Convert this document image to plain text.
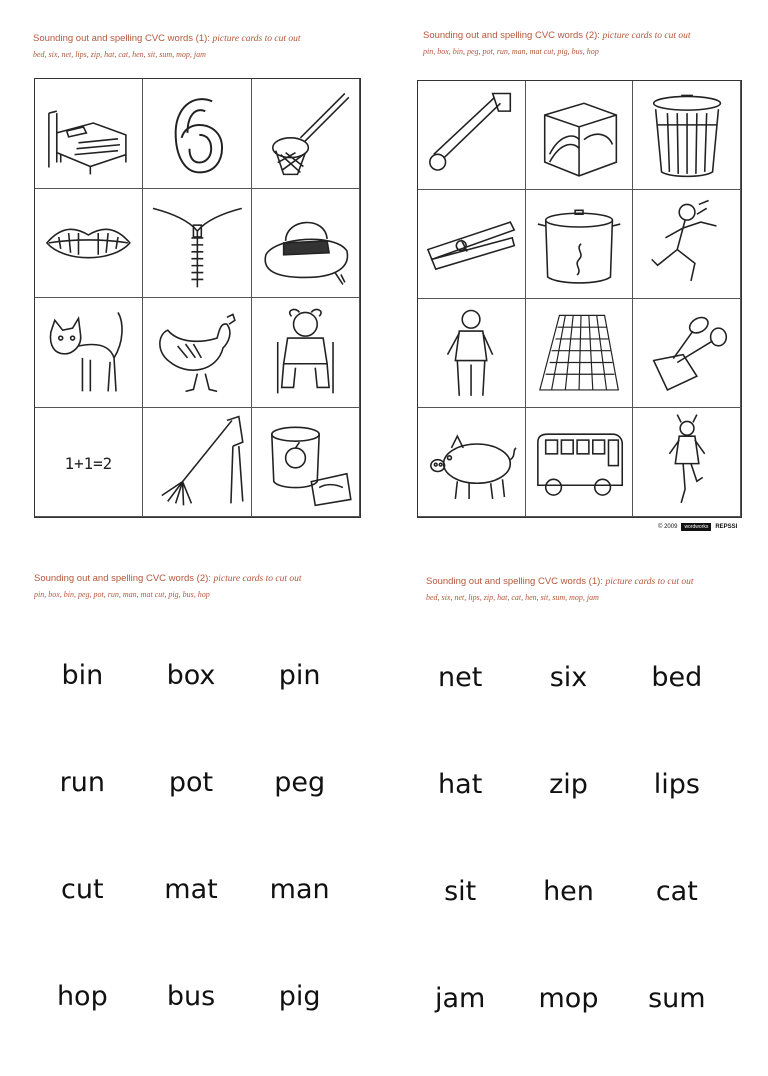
Sounding out and spelling CVC words (1): picture cards to cut out
bed, six, net, lips, zip, hat, cat, hen, sit, sum, mop, jam
1+1=2
Sounding out and spelling CVC words (2): picture cards to cut out
pin, box, bin, peg, pot, run, man, mat cut, pig, bus, hop
© 2009	wordworks	REPSSI
Sounding out and spelling CVC words (2): picture cards to cut out
pin, box, bin, peg, pot, run, man, mat cut, pig, bus, hop
bin	box	pin
run	pot	peg
cut	mat	man
hop	bus	pig
Sounding out and spelling CVC words (1): picture cards to cut out
bed, six, net, lips, zip, hat, cat, hen, sit, sum, mop, jam
net	six	bed
hat	zip	lips
sit	hen	cat
jam	mop	sum
